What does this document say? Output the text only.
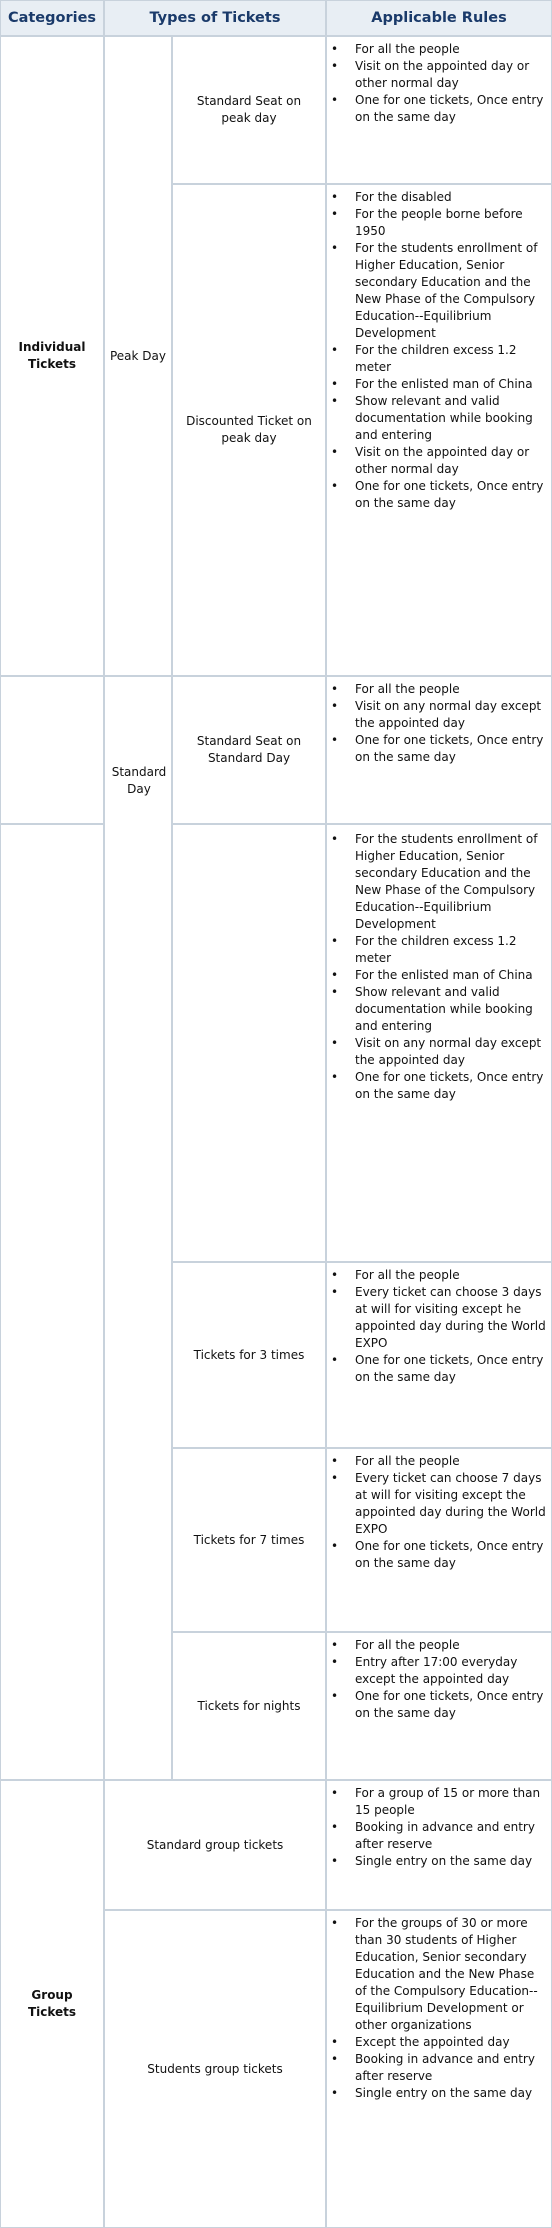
Categories	Types of Tickets	Applicable Rules
Individual Tickets
Group Tickets
Peak Day
Standard Day
Standard Seat on peak day
Discounted Ticket on peak day
Standard Seat on Standard Day
Tickets for 3 times
Tickets for 7 times
Tickets for nights
Standard group tickets
Students group tickets
• For all the people
• Visit on the appointed day or other normal day
• One for one tickets, Once entry on the same day
• For the disabled
• For the people borne before 1950
• For the students enrollment of Higher Education, Senior secondary Education and the New Phase of the Compulsory Education--Equilibrium Development
• For the children excess 1.2 meter
• For the enlisted man of China
• Show relevant and valid documentation while booking and entering
• Visit on the appointed day or other normal day
• One for one tickets, Once entry on the same day
• For all the people
• Visit on any normal day except the appointed day
• One for one tickets, Once entry on the same day
• For the students enrollment of Higher Education, Senior secondary Education and the New Phase of the Compulsory Education--Equilibrium Development
• For the children excess 1.2 meter
• For the enlisted man of China
• Show relevant and valid documentation while booking and entering
• Visit on any normal day except the appointed day
• One for one tickets, Once entry on the same day
• For all the people
• Every ticket can choose 3 days at will for visiting except he appointed day during the World EXPO
• One for one tickets, Once entry on the same day
• For all the people
• Every ticket can choose 7 days at will for visiting except the appointed day during the World EXPO
• One for one tickets, Once entry on the same day
• For all the people
• Entry after 17:00 everyday except the appointed day
• One for one tickets, Once entry on the same day
• For a group of 15 or more than 15 people
• Booking in advance and entry after reserve
• Single entry on the same day
• For the groups of 30 or more than 30 students of Higher Education, Senior secondary Education and the New Phase of the Compulsory Education--Equilibrium Development or other organizations
• Except the appointed day
• Booking in advance and entry after reserve
• Single entry on the same day
